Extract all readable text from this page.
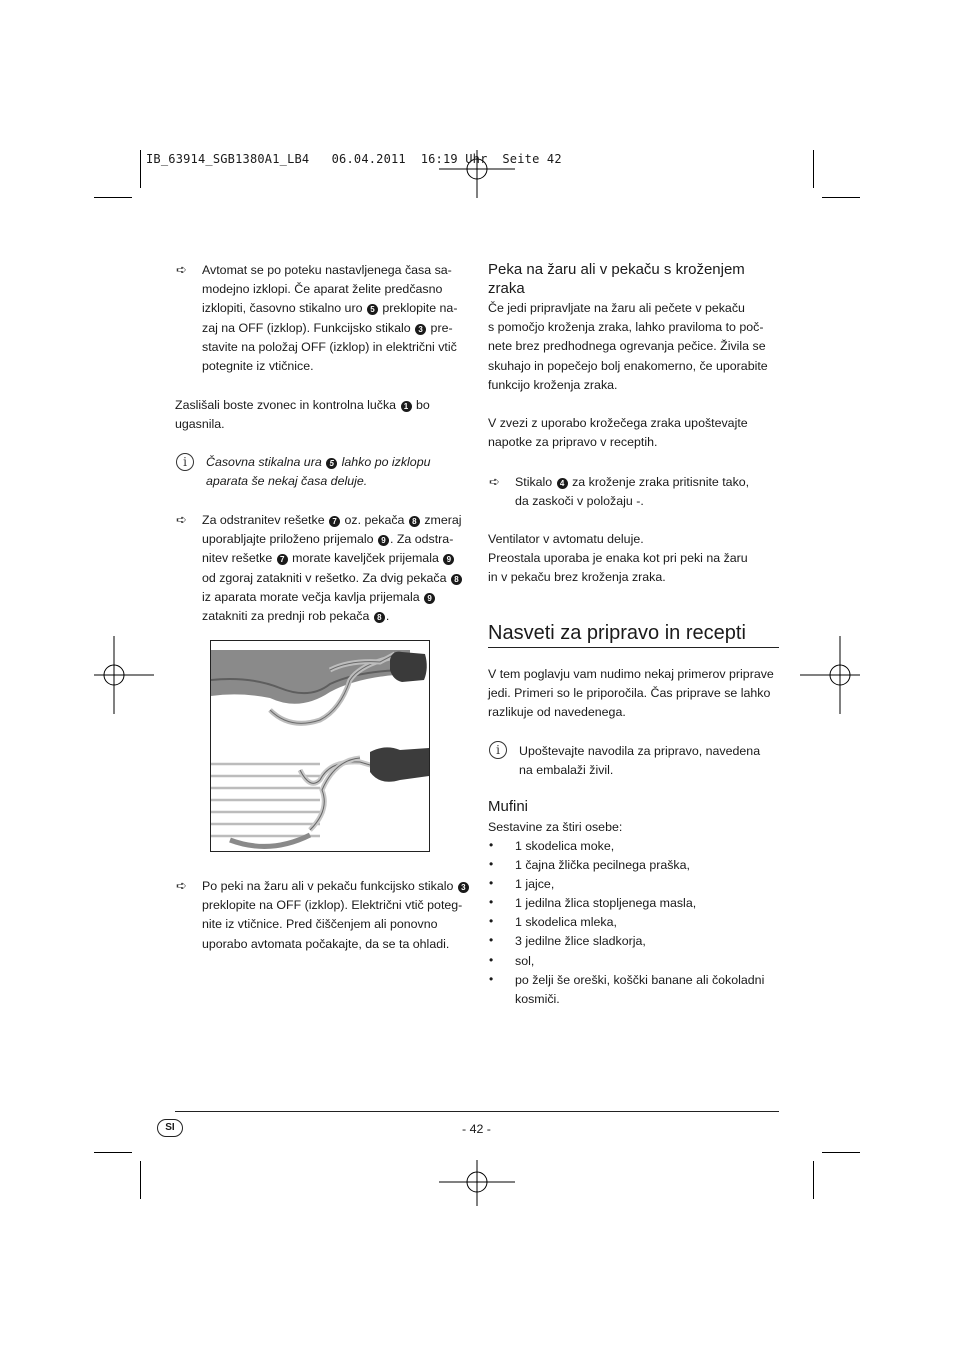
IB_63914_SGB1380A1_LB4   06.04.2011  16:19 Uhr  Seite 42
➪ Avtomat se po poteku nastavljenega časa sa-
modejno izklopi. Če aparat želite predčasno
izklopiti, časovno stikalno uro 5 preklopite na-
zaj na OFF (izklop). Funkcijsko stikalo 3 pre-
stavite na položaj OFF (izklop) in električni vtič
potegnite iz vtičnice.
Zaslišali boste zvonec in kontrolna lučka 1 bo
ugasnila.
i	Časovna stikalna ura 5 lahko po izklopu
aparata še nekaj časa deluje.
➪ Za odstranitev rešetke 7 oz. pekača 8 zmeraj
uporabljajte priloženo prijemalo 9 . Za odstra-
nitev rešetke 7 morate kaveljček prijemala 9
od zgoraj zatakniti v rešetko. Za dvig pekača 8
iz aparata morate večja kavlja prijemala 9
zatakniti za prednji rob pekača 8 .
➪ Po peki na žaru ali v pekaču funkcijsko stikalo 3
preklopite na OFF (izklop). Električni vtič poteg-
nite iz vtičnice. Pred čiščenjem ali ponovno
uporabo avtomata počakajte, da se ta ohladi.
Peka na žaru ali v pekaču s kroženjem
zraka
Če jedi pripravljate na žaru ali pečete v pekaču
s pomočjo kroženja zraka, lahko praviloma to poč-
nete brez predhodnega ogrevanja pečice. Živila se
skuhajo in popečejo bolj enakomerno, če uporabite
funkcijo kroženja zraka.
V zvezi z uporabo krožečega zraka upoštevajte
napotke za pripravo v receptih.
➪ Stikalo 4 za kroženje zraka pritisnite tako,
da zaskoči v položaju -.
Ventilator v avtomatu deluje.
Preostala uporaba je enaka kot pri peki na žaru
in v pekaču brez kroženja zraka.
Nasveti za pripravo in recepti
V tem poglavju vam nudimo nekaj primerov priprave
jedi. Primeri so le priporočila. Čas priprave se lahko
razlikuje od navedenega.
i	Upoštevajte navodila za pripravo, navedena
na embalaži živil.
Mufini
Sestavine za štiri osebe:
• 1 skodelica moke,
• 1 čajna žlička pecilnega praška,
• 1 jajce,
• 1 jedilna žlica stopljenega masla,
• 1 skodelica mleka,
• 3 jedilne žlice sladkorja,
• sol,
• po želji še oreški, koščki banane ali čokoladni
kosmiči.
SI	- 42 -
